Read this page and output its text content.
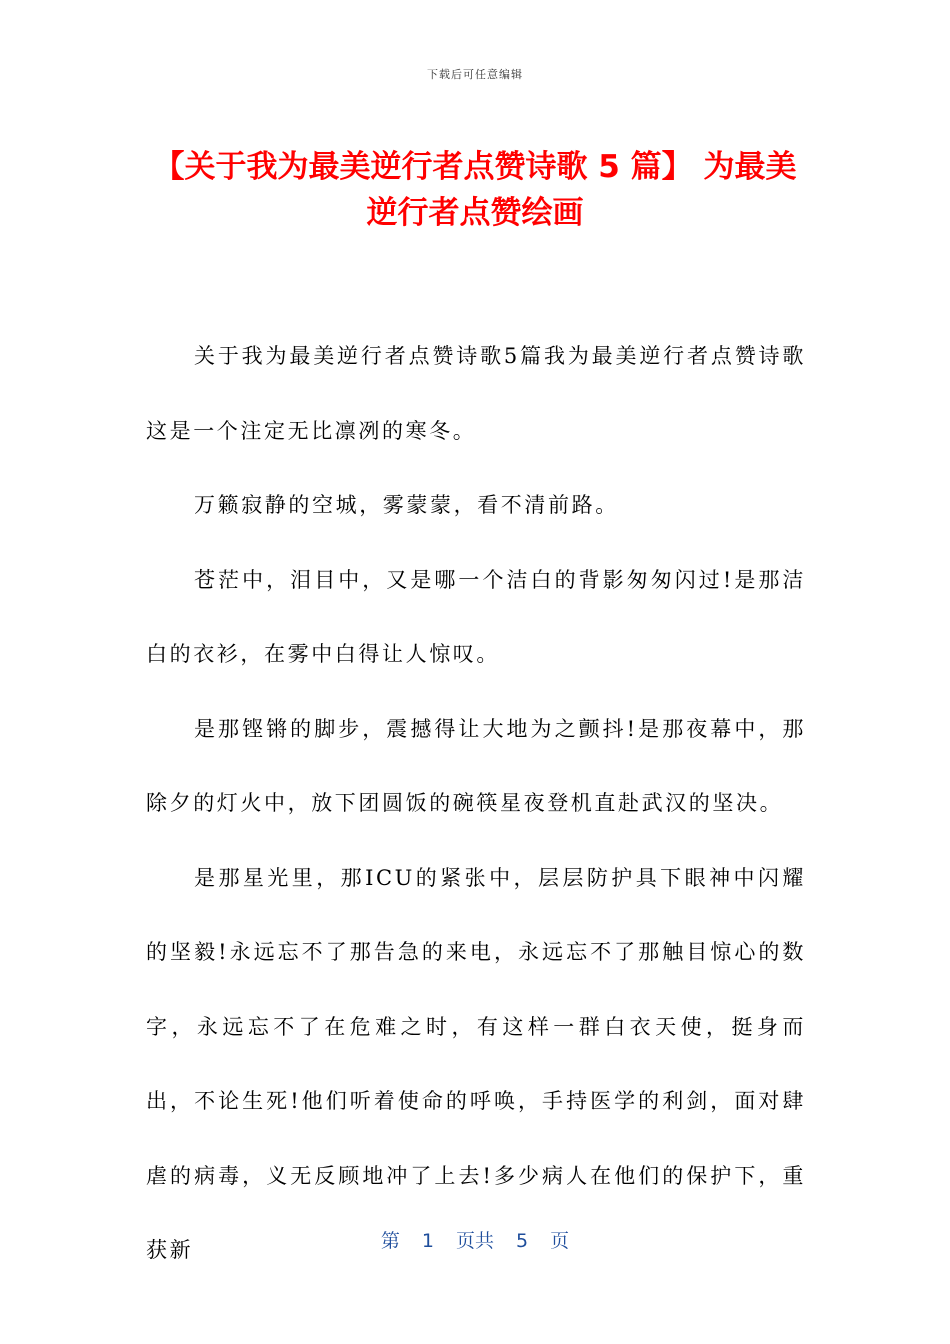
下载后可任意编辑
【关于我为最美逆行者点赞诗歌 5 篇】 为最美逆行者点赞绘画

关于我为最美逆行者点赞诗歌5篇我为最美逆行者点赞诗歌这是一个注定无比凛冽的寒冬。

万籁寂静的空城，雾蒙蒙，看不清前路。

苍茫中，泪目中，又是哪一个洁白的背影匆匆闪过!是那洁白的衣衫，在雾中白得让人惊叹。

是那铿锵的脚步，震撼得让大地为之颤抖!是那夜幕中，那除夕的灯火中，放下团圆饭的碗筷星夜登机直赴武汉的坚决。

是那星光里，那ICU的紧张中，层层防护具下眼神中闪耀的坚毅!永远忘不了那告急的来电，永远忘不了那触目惊心的数字，永远忘不了在危难之时，有这样一群白衣天使，挺身而出，不论生死!他们听着使命的呼唤，手持医学的利剑，面对肆虐的病毒，义无反顾地冲了上去!多少病人在他们的保护下，重获新	第 1 页共 5 页
